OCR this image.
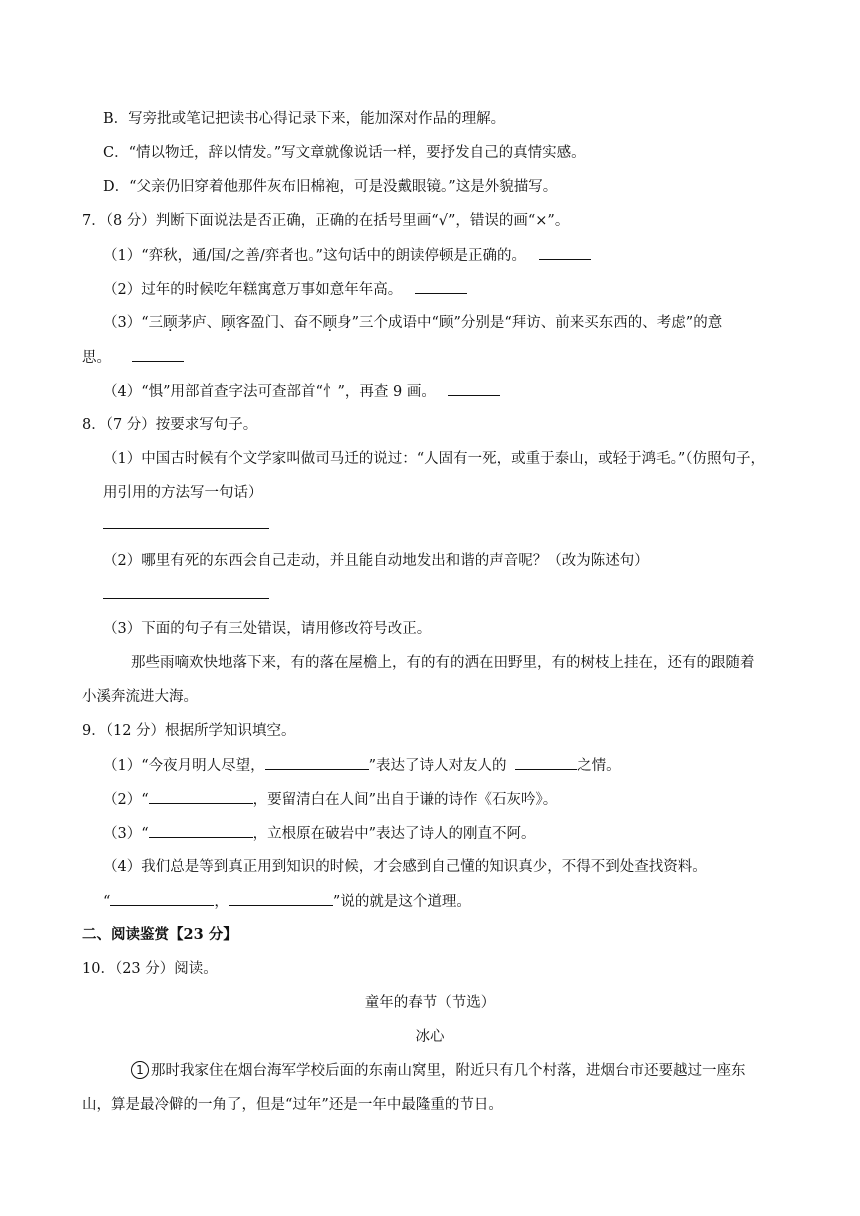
B．写旁批或笔记把读书心得记录下来，能加深对作品的理解。
C．“情以物迁，辞以情发。”写文章就像说话一样，要抒发自己的真情实感。
D．“父亲仍旧穿着他那件灰布旧棉袍，可是没戴眼镜。”这是外貌描写。
7．（8 分）判断下面说法是否正确，正确的在括号里画“√”，错误的画“×”。
（1）“弈秋，通/国/之善/弈者也。”这句话中的朗读停顿是正确的。
（2）过年的时候吃年糕寓意万事如意年年高。
（3）“三顾茅庐、顾客盈门、奋不顾身”三个成语中“顾”分别是“拜访、前来买东西的、考虑”的意
思。
（4）“惧”用部首查字法可查部首“忄”，再查 9 画。
8．（7 分）按要求写句子。
（1）中国古时候有个文学家叫做司马迁的说过：“人固有一死，或重于泰山，或轻于鸿毛。”（仿照句子，
用引用的方法写一句话）
（2）哪里有死的东西会自己走动，并且能自动地发出和谐的声音呢？（改为陈述句）
（3）下面的句子有三处错误，请用修改符号改正。
那些雨嘀欢快地落下来，有的落在屋檐上，有的有的洒在田野里，有的树枝上挂在，还有的跟随着
小溪奔流进大海。
9．（12 分）根据所学知识填空。
（1）“今夜月明人尽望，	”表达了诗人对友人的	之情。
（2）“	，要留清白在人间”出自于谦的诗作《石灰吟》。
（3）“	，立根原在破岩中”表达了诗人的刚直不阿。
（4）我们总是等到真正用到知识的时候，才会感到自己懂的知识真少，不得不到处查找资料。
“	，	”说的就是这个道理。
二、阅读鉴赏【23 分】
10．（23 分）阅读。
童年的春节（节选）
冰心
1 那时我家住在烟台海军学校后面的东南山窝里，附近只有几个村落，进烟台市还要越过一座东
山，算是最冷僻的一角了，但是“过年”还是一年中最隆重的节日。
